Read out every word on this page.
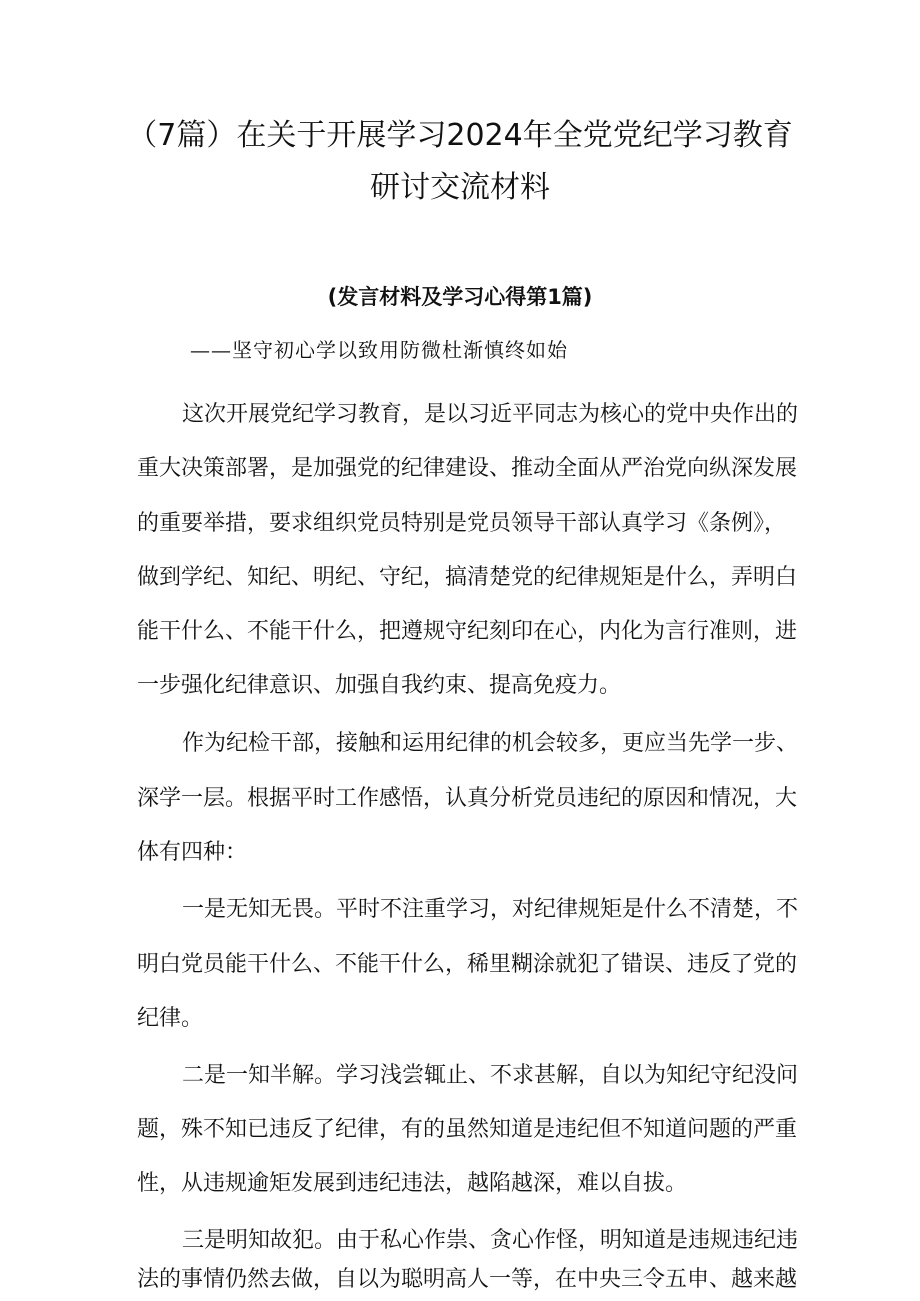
（7篇）在关于开展学习2024年全党党纪学习教育
研讨交流材料
(发言材料及学习心得第1篇)
——坚守初心学以致用防微杜渐慎终如始
这次开展党纪学习教育，是以习近平同志为核心的党中央作出的
重大决策部署，是加强党的纪律建设、推动全面从严治党向纵深发展
的重要举措，要求组织党员特别是党员领导干部认真学习《条例》，
做到学纪、知纪、明纪、守纪，搞清楚党的纪律规矩是什么，弄明白
能干什么、不能干什么，把遵规守纪刻印在心，内化为言行准则，进
一步强化纪律意识、加强自我约束、提高免疫力。
作为纪检干部，接触和运用纪律的机会较多，更应当先学一步、
深学一层。根据平时工作感悟，认真分析党员违纪的原因和情况，大
体有四种：
一是无知无畏。平时不注重学习，对纪律规矩是什么不清楚，不
明白党员能干什么、不能干什么，稀里糊涂就犯了错误、违反了党的
纪律。
二是一知半解。学习浅尝辄止、不求甚解，自以为知纪守纪没问
题，殊不知已违反了纪律，有的虽然知道是违纪但不知道问题的严重
性，从违规逾矩发展到违纪违法，越陷越深，难以自拔。
三是明知故犯。由于私心作祟、贪心作怪，明知道是违规违纪违
法的事情仍然去做，自以为聪明高人一等，在中央三令五申、越来越
